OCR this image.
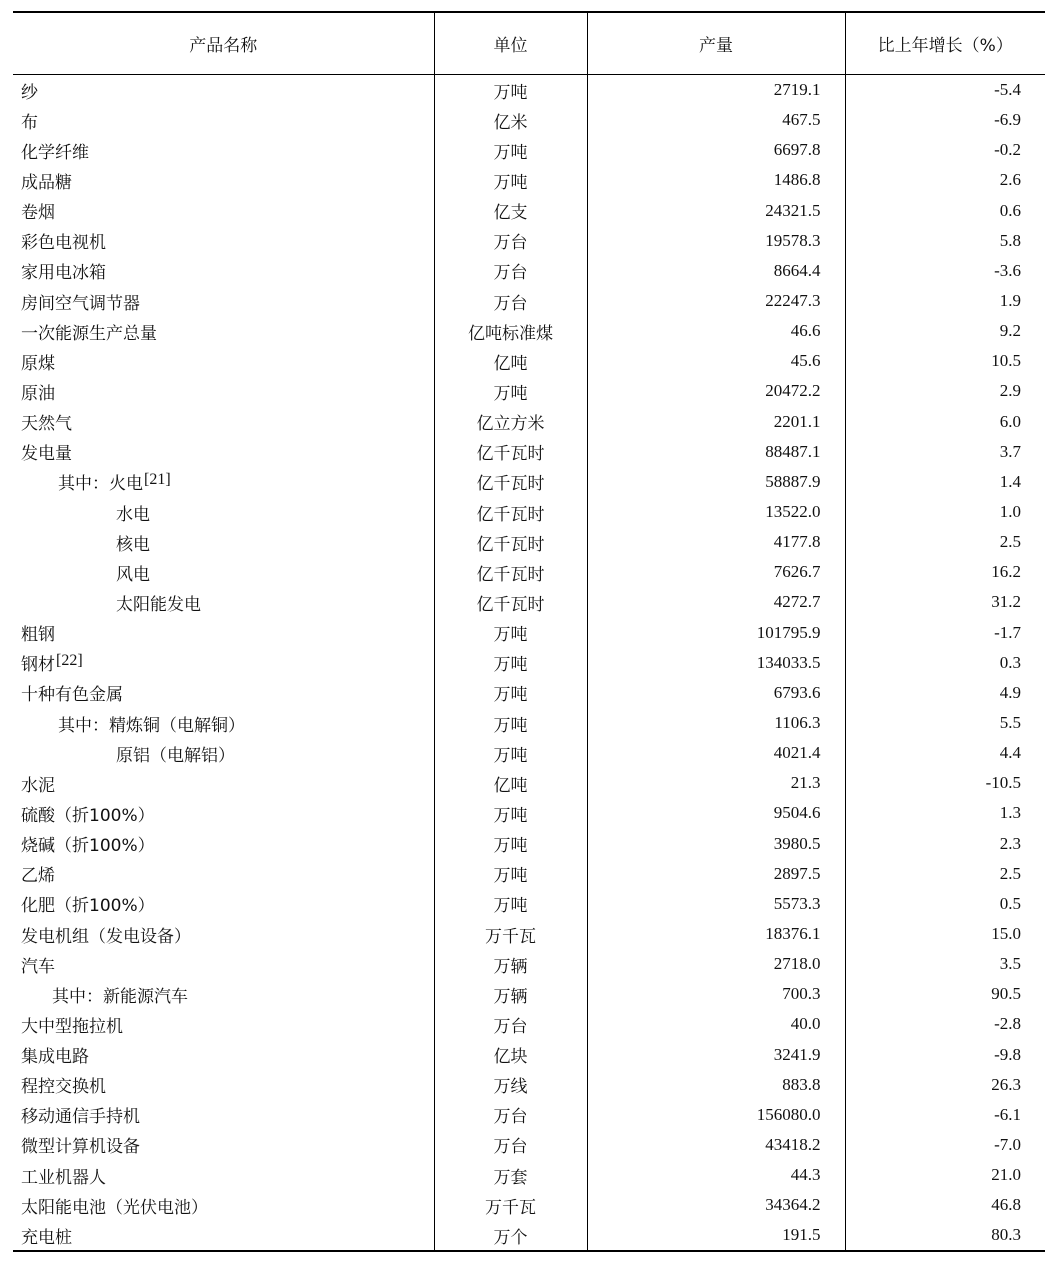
产品名称	单位	产量	比上年增长（%）
纱	万吨	2719.1	-5.4
布	亿米	467.5	-6.9
化学纤维	万吨	6697.8	-0.2
成品糖	万吨	1486.8	2.6
卷烟	亿支	24321.5	0.6
彩色电视机	万台	19578.3	5.8
家用电冰箱	万台	8664.4	-3.6
房间空气调节器	万台	22247.3	1.9
一次能源生产总量	亿吨标准煤	46.6	9.2
原煤	亿吨	45.6	10.5
原油	万吨	20472.2	2.9
天然气	亿立方米	2201.1	6.0
发电量	亿千瓦时	88487.1	3.7
其中：火电[21]	亿千瓦时	58887.9	1.4
水电	亿千瓦时	13522.0	1.0
核电	亿千瓦时	4177.8	2.5
风电	亿千瓦时	7626.7	16.2
太阳能发电	亿千瓦时	4272.7	31.2
粗钢	万吨	101795.9	-1.7
钢材[22]	万吨	134033.5	0.3
十种有色金属	万吨	6793.6	4.9
其中：精炼铜（电解铜）	万吨	1106.3	5.5
原铝（电解铝）	万吨	4021.4	4.4
水泥	亿吨	21.3	-10.5
硫酸（折100%）	万吨	9504.6	1.3
烧碱（折100%）	万吨	3980.5	2.3
乙烯	万吨	2897.5	2.5
化肥（折100%）	万吨	5573.3	0.5
发电机组（发电设备）	万千瓦	18376.1	15.0
汽车	万辆	2718.0	3.5
其中：新能源汽车	万辆	700.3	90.5
大中型拖拉机	万台	40.0	-2.8
集成电路	亿块	3241.9	-9.8
程控交换机	万线	883.8	26.3
移动通信手持机	万台	156080.0	-6.1
微型计算机设备	万台	43418.2	-7.0
工业机器人	万套	44.3	21.0
太阳能电池（光伏电池）	万千瓦	34364.2	46.8
充电桩	万个	191.5	80.3
